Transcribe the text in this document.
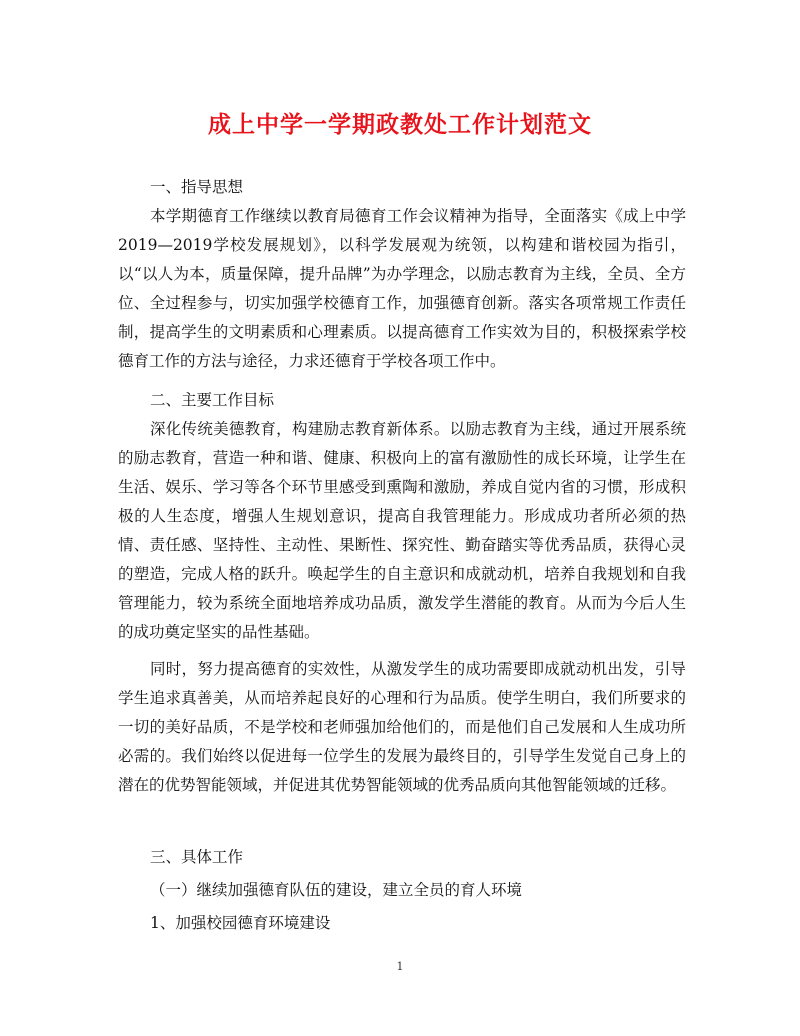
成上中学一学期政教处工作计划范文
一、指导思想

本学期德育工作继续以教育局德育工作会议精神为指导，全面落实《成上中学2019—2019学校发展规划》，以科学发展观为统领，以构建和谐校园为指引，以“以人为本，质量保障，提升品牌”为办学理念，以励志教育为主线，全员、全方位、全过程参与，切实加强学校德育工作，加强德育创新。落实各项常规工作责任制，提高学生的文明素质和心理素质。以提高德育工作实效为目的，积极探索学校德育工作的方法与途径，力求还德育于学校各项工作中。

二、主要工作目标

深化传统美德教育，构建励志教育新体系。以励志教育为主线，通过开展系统的励志教育，营造一种和谐、健康、积极向上的富有激励性的成长环境，让学生在生活、娱乐、学习等各个环节里感受到熏陶和激励，养成自觉内省的习惯，形成积极的人生态度，增强人生规划意识，提高自我管理能力。形成成功者所必须的热情、责任感、坚持性、主动性、果断性、探究性、勤奋踏实等优秀品质，获得心灵的塑造，完成人格的跃升。唤起学生的自主意识和成就动机，培养自我规划和自我管理能力，较为系统全面地培养成功品质，激发学生潜能的教育。从而为今后人生的成功奠定坚实的品性基础。

同时，努力提高德育的实效性，从激发学生的成功需要即成就动机出发，引导学生追求真善美，从而培养起良好的心理和行为品质。使学生明白，我们所要求的一切的美好品质，不是学校和老师强加给他们的，而是他们自己发展和人生成功所必需的。我们始终以促进每一位学生的发展为最终目的，引导学生发觉自己身上的潜在的优势智能领域，并促进其优势智能领域的优秀品质向其他智能领域的迁移。

三、具体工作
（一）继续加强德育队伍的建设，建立全员的育人环境
1、加强校园德育环境建设
1
